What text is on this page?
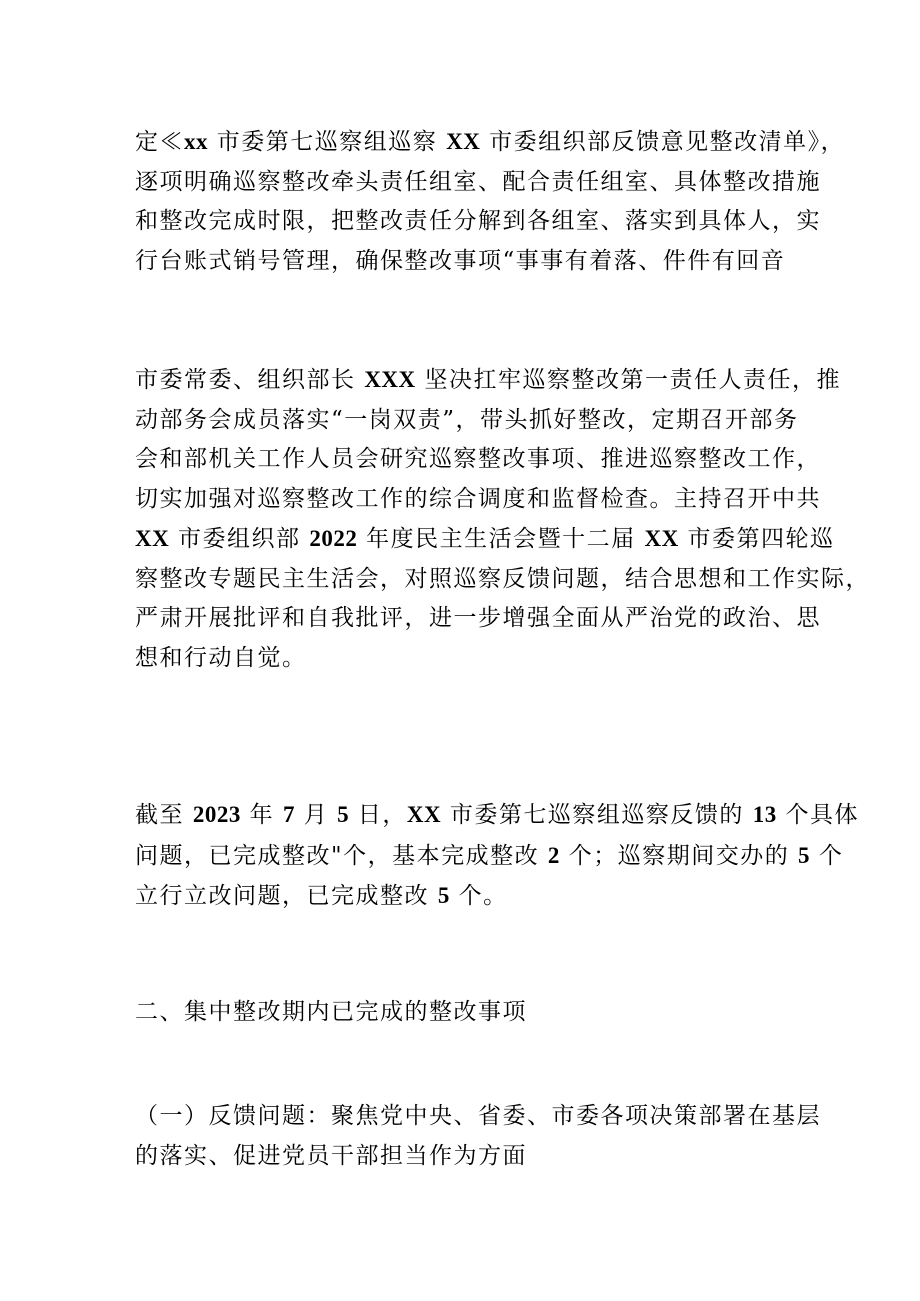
定≪xx 市委第七巡察组巡察 XX 市委组织部反馈意见整改清单》，
逐项明确巡察整改牵头责任组室、配合责任组室、具体整改措施
和整改完成时限，把整改责任分解到各组室、落实到具体人，实
行台账式销号管理，确保整改事项“事事有着落、件件有回音

市委常委、组织部长 XXX 坚决扛牢巡察整改第一责任人责任，推
动部务会成员落实“一岗双责”，带头抓好整改，定期召开部务
会和部机关工作人员会研究巡察整改事项、推进巡察整改工作，
切实加强对巡察整改工作的综合调度和监督检查。主持召开中共
XX 市委组织部 2022 年度民主生活会暨十二届 XX 市委第四轮巡
察整改专题民主生活会，对照巡察反馈问题，结合思想和工作实际，
严肃开展批评和自我批评，进一步增强全面从严治党的政治、思
想和行动自觉。

截至 2023 年 7 月 5 日，XX 市委第七巡察组巡察反馈的 13 个具体
问题，已完成整改"个，基本完成整改 2 个；巡察期间交办的 5 个
立行立改问题，已完成整改 5 个。

二、集中整改期内已完成的整改事项

（一）反馈问题：聚焦党中央、省委、市委各项决策部署在基层
的落实、促进党员干部担当作为方面
